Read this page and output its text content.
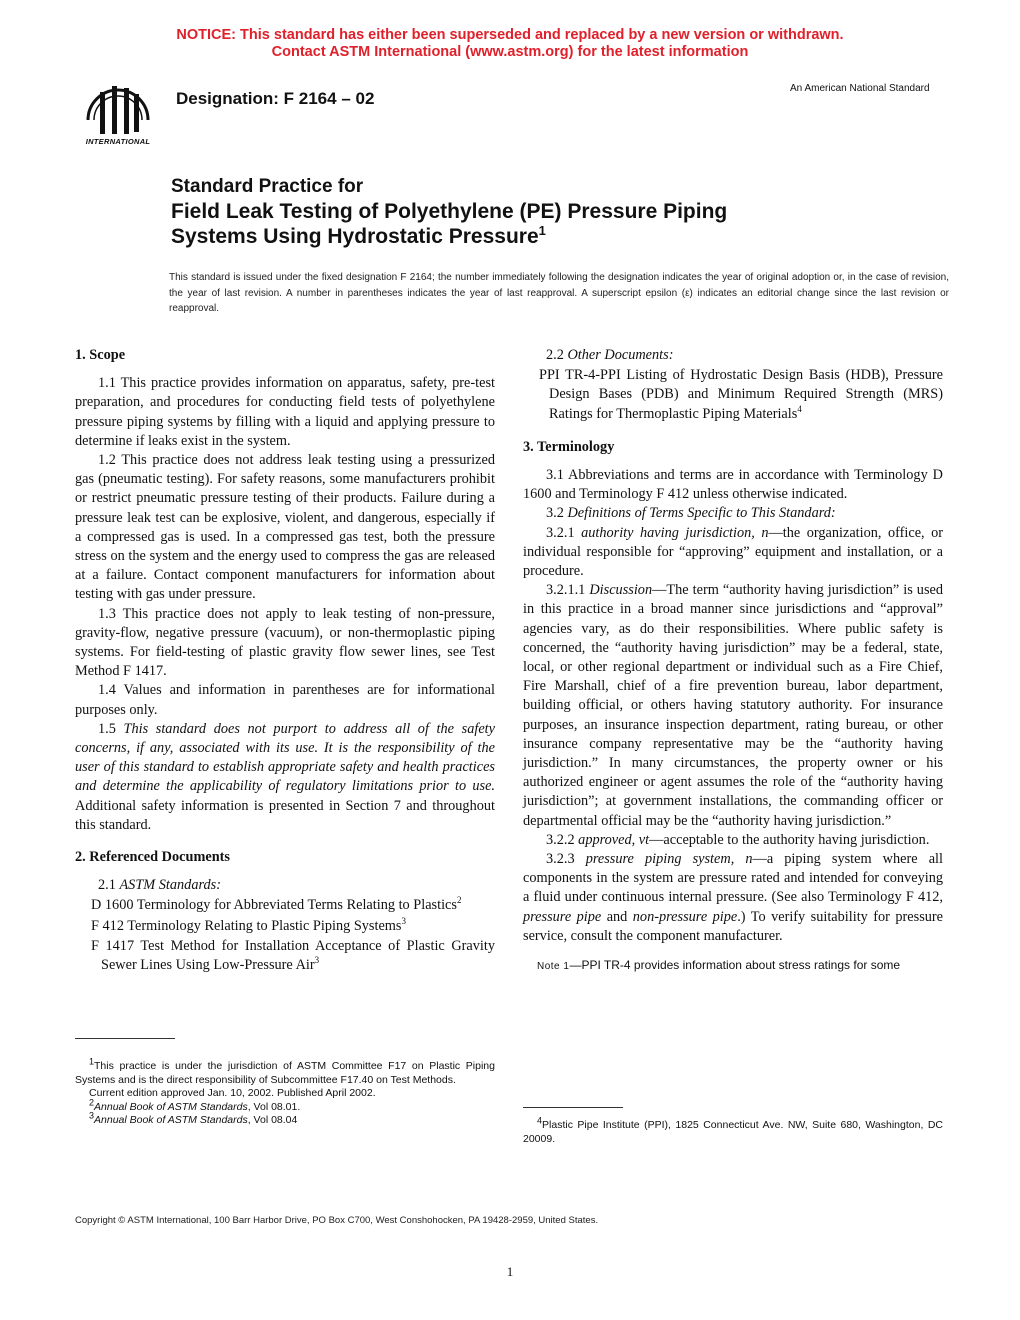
NOTICE: This standard has either been superseded and replaced by a new version or withdrawn.
Contact ASTM International (www.astm.org) for the latest information
INTERNATIONAL
Designation: F 2164 – 02
An American National Standard
Standard Practice for
Field Leak Testing of Polyethylene (PE) Pressure Piping
Systems Using Hydrostatic Pressure$^1$
This standard is issued under the fixed designation F 2164; the number immediately following the designation indicates the year of original adoption or, in the case of revision, the year of last revision. A number in parentheses indicates the year of last reapproval. A superscript epsilon (ε) indicates an editorial change since the last revision or reapproval.
1. Scope

1.1 This practice provides information on apparatus, safety, pre-test preparation, and procedures for conducting field tests of polyethylene pressure piping systems by filling with a liquid and applying pressure to determine if leaks exist in the system.

1.2 This practice does not address leak testing using a pressurized gas (pneumatic testing). For safety reasons, some manufacturers prohibit or restrict pneumatic pressure testing of their products. Failure during a pressure leak test can be explosive, violent, and dangerous, especially if a compressed gas is used. In a compressed gas test, both the pressure stress on the system and the energy used to compress the gas are released at a failure. Contact component manufacturers for information about testing with gas under pressure.

1.3 This practice does not apply to leak testing of non-pressure, gravity-flow, negative pressure (vacuum), or non-thermoplastic piping systems. For field-testing of plastic gravity flow sewer lines, see Test Method F 1417.

1.4 Values and information in parentheses are for informational purposes only.

1.5 This standard does not purport to address all of the safety concerns, if any, associated with its use. It is the responsibility of the user of this standard to establish appropriate safety and health practices and determine the applicability of regulatory limitations prior to use. Additional safety information is presented in Section 7 and throughout this standard.

2. Referenced Documents
2.1 ASTM Standards:
D 1600 Terminology for Abbreviated Terms Relating to Plastics$^2$
F 412 Terminology Relating to Plastic Piping Systems$^3$
F 1417 Test Method for Installation Acceptance of Plastic Gravity Sewer Lines Using Low-Pressure Air$^3$
2.2 Other Documents:
PPI TR-4-PPI Listing of Hydrostatic Design Basis (HDB), Pressure Design Bases (PDB) and Minimum Required Strength (MRS) Ratings for Thermoplastic Piping Materials$^4$
3. Terminology

3.1 Abbreviations and terms are in accordance with Terminology D 1600 and Terminology F 412 unless otherwise indicated.

3.2 Definitions of Terms Specific to This Standard:

3.2.1 authority having jurisdiction, n—the organization, office, or individual responsible for “approving” equipment and installation, or a procedure.

3.2.1.1 Discussion—The term “authority having jurisdiction” is used in this practice in a broad manner since jurisdictions and “approval” agencies vary, as do their responsibilities. Where public safety is concerned, the “authority having jurisdiction” may be a federal, state, local, or other regional department or individual such as a Fire Chief, Fire Marshall, chief of a fire prevention bureau, labor department, building official, or others having statutory authority. For insurance purposes, an insurance inspection department, rating bureau, or other insurance company representative may be the “authority having jurisdiction.” In many circumstances, the property owner or his authorized engineer or agent assumes the role of the “authority having jurisdiction”; at government installations, the commanding officer or departmental official may be the “authority having jurisdiction.”

3.2.2 approved, vt—acceptable to the authority having jurisdiction.

3.2.3 pressure piping system, n—a piping system where all components in the system are pressure rated and intended for conveying a fluid under continuous internal pressure. (See also Terminology F 412, pressure pipe and non-pressure pipe.) To verify suitability for pressure service, consult the component manufacturer.

Note 1—PPI TR-4 provides information about stress ratings for some

$^1$This practice is under the jurisdiction of ASTM Committee F17 on Plastic Piping Systems and is the direct responsibility of Subcommittee F17.40 on Test Methods.

Current edition approved Jan. 10, 2002. Published April 2002.

$^2$Annual Book of ASTM Standards, Vol 08.01.

$^3$Annual Book of ASTM Standards, Vol 08.04	$^4$Plastic Pipe Institute (PPI), 1825 Connecticut Ave. NW, Suite 680, Washington, DC 20009.

Copyright © ASTM International, 100 Barr Harbor Drive, PO Box C700, West Conshohocken, PA 19428-2959, United States.
1
